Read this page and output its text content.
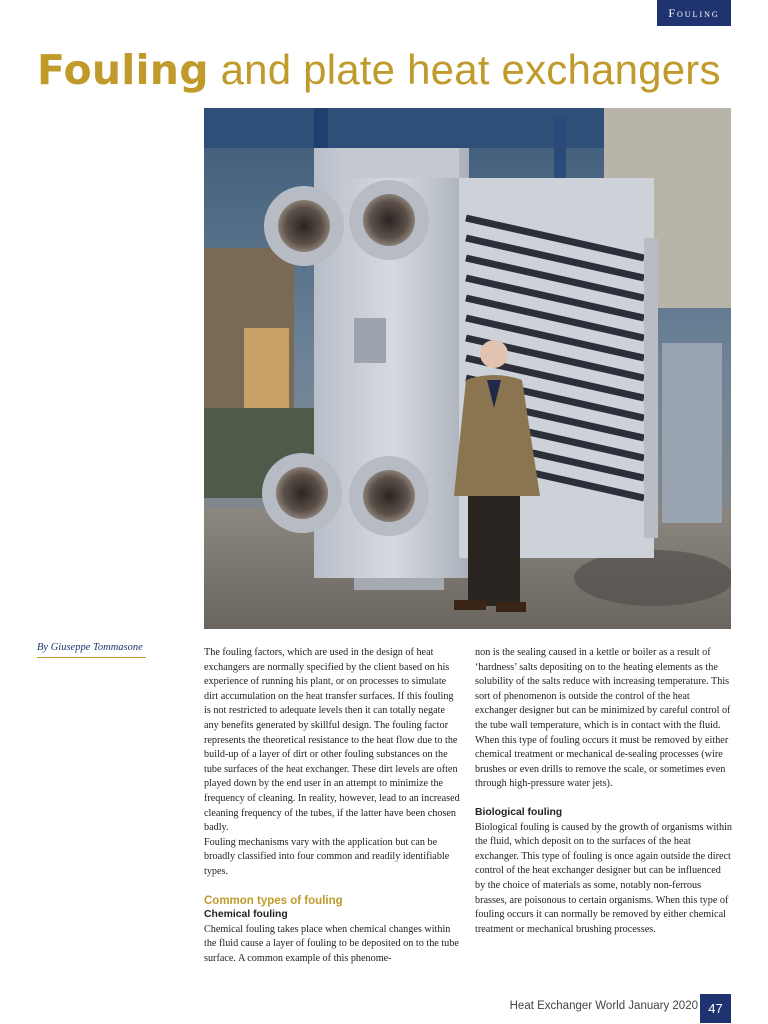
Fouling
Fouling and plate heat exchangers
By Giuseppe Tommasone	The fouling factors, which are used in the design of heat exchangers are normally specified by the client based on his experience of running his plant, or on processes to simulate dirt accumulation on the heat transfer surfaces. If this fouling is not restricted to adequate levels then it can totally negate any benefits generated by skillful design. The fouling factor represents the theoretical resistance to the heat flow due to the build-up of a layer of dirt or other fouling substances on the tube surfaces of the heat exchanger. These dirt levels are often played down by the end user in an attempt to minimize the frequency of cleaning. In reality, however, lead to an increased cleaning frequency of the tubes, if the latter have been chosen badly.

Fouling mechanisms vary with the application but can be broadly classified into four common and readily identifiable types.

Common types of fouling

Chemical fouling

Chemical fouling takes place when chemical changes within the fluid cause a layer of fouling to be deposited on to the tube surface. A common example of this phenome-

non is the sealing caused in a kettle or boiler as a result of ‘hardness’ salts depositing on to the heating elements as the solubility of the salts reduce with increasing temperature. This sort of phenomenon is outside the control of the heat exchanger designer but can be minimized by careful control of the tube wall temperature, which is in contact with the fluid. When this type of fouling occurs it must be removed by either chemical treatment or mechanical de-sealing processes (wire brushes or even drills to remove the scale, or sometimes even through high-pressure water jets).

Biological fouling

Biological fouling is caused by the growth of organisms within the fluid, which deposit on to the surfaces of the heat exchanger. This type of fouling is once again outside the direct control of the heat exchanger designer but can be influenced by the choice of materials as some, notably non-ferrous brasses, are poisonous to certain organisms. When this type of fouling occurs it can normally be removed by either chemical treatment or mechanical brushing processes.

Heat Exchanger World January 2020 47
